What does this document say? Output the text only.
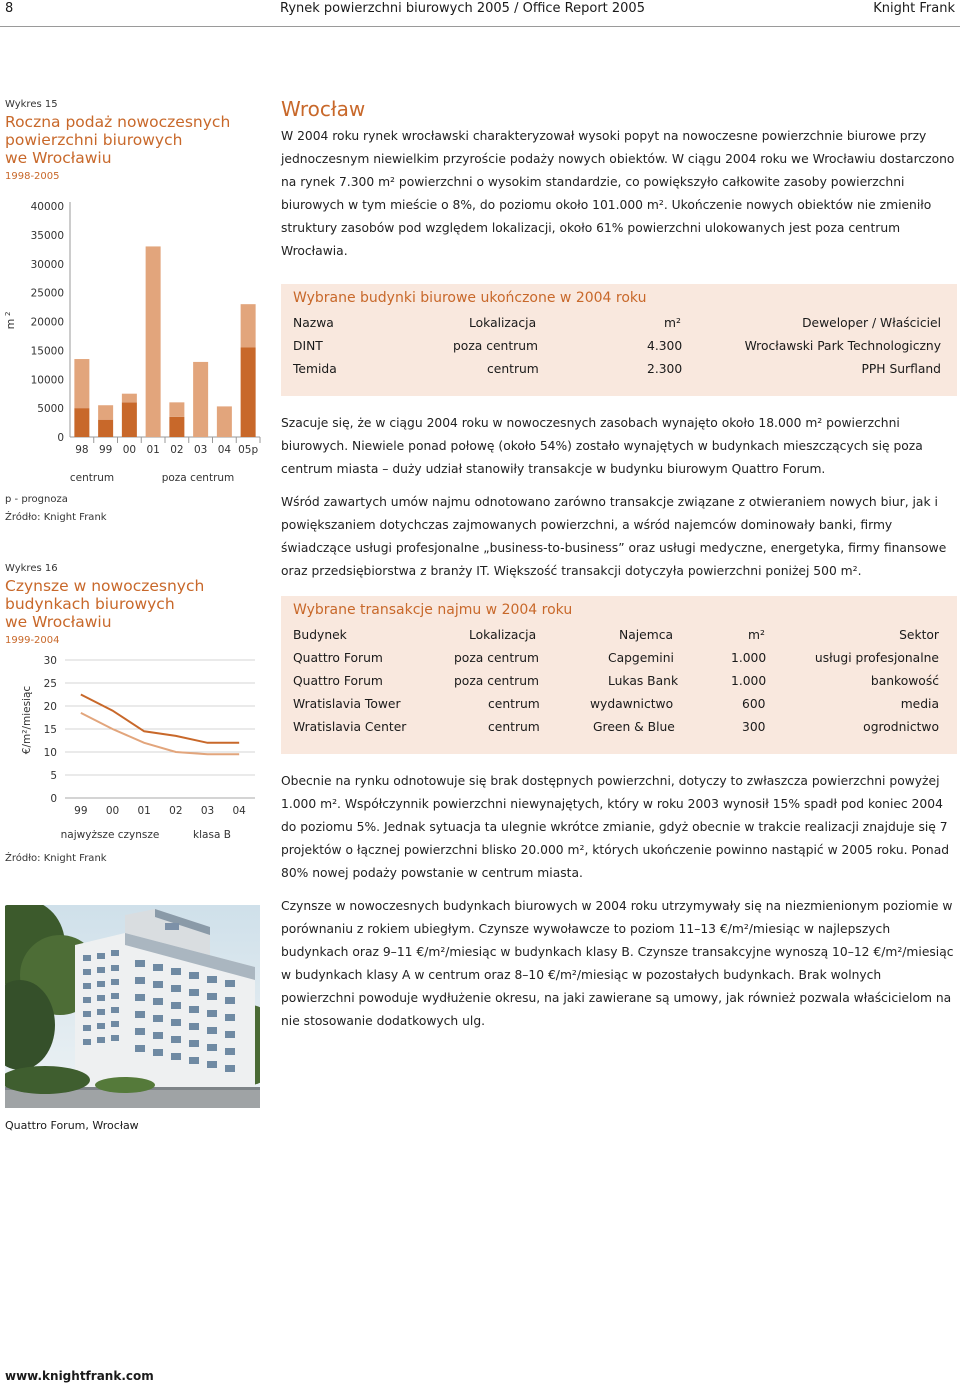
8	Rynek powierzchni biurowych 2005 / Office Report 2005	Knight Frank
Wykres 15
Roczna podaż nowoczesnych
powierzchni biurowych
we Wrocławiu
1998-2005
0
5000
10000
15000
20000
25000
30000
35000
40000
98 99 00 01 02 03 04 05p
m
2
centrum	poza centrum
p - prognoza
Źródło: Knight Frank
Wykres 16
Czynsze w nowoczesnych
budynkach biurowych
we Wrocławiu
1999-2004
0
5
10
15
20
25
30
99 00 01 02 03 04
€/m²/miesiąc
najwyższe czynsze	klasa B
Źródło: Knight Frank
Quattro Forum, Wrocław
Wrocław

W 2004 roku rynek wrocławski charakteryzował wysoki popyt na nowoczesne powierzchnie biurowe przy jednoczesnym niewielkim przyroście podaży nowych obiektów. W ciągu 2004 roku we Wrocławiu dostarczono na rynek 7.300 m² powierzchni o wysokim standardzie, co powiększyło całkowite zasoby powierzchni biurowych w tym mieście o 8%, do poziomu około 101.000 m². Ukończenie nowych obiektów nie zmieniło struktury zasobów pod względem lokalizacji, około 61% powierzchni ulokowanych jest poza centrum Wrocławia.

Wybrane budynki biurowe ukończone w 2004 roku
Nazwa	Lokalizacja	m²	Deweloper / Właściciel
DINT	poza centrum	4.300	Wrocławski Park Technologiczny
Temida	centrum	2.300	PPH Surfland

Szacuje się, że w ciągu 2004 roku w nowoczesnych zasobach wynajęto około 18.000 m² powierzchni biurowych. Niewiele ponad połowę (około 54%) zostało wynajętych w budynkach mieszczących się poza centrum miasta – duży udział stanowiły transakcje w budynku biurowym Quattro Forum.

Wśród zawartych umów najmu odnotowano zarówno transakcje związane z otwieraniem nowych biur, jak i powiększaniem dotychczas zajmowanych powierzchni, a wśród najemców dominowały banki, firmy świadczące usługi profesjonalne „business-to-business” oraz usługi medyczne, energetyka, firmy finansowe oraz przedsiębiorstwa z branży IT. Większość transakcji dotyczyła powierzchni poniżej 500 m².

Wybrane transakcje najmu w 2004 roku
Budynek	Lokalizacja	Najemca	m²	Sektor
Quattro Forum	poza centrum	Capgemini	1.000	usługi profesjonalne
Quattro Forum	poza centrum	Lukas Bank	1.000	bankowość
Wratislavia Tower	centrum	wydawnictwo	600	media
Wratislavia Center	centrum	Green & Blue	300	ogrodnictwo

Obecnie na rynku odnotowuje się brak dostępnych powierzchni, dotyczy to zwłaszcza powierzchni powyżej 1.000 m². Współczynnik powierzchni niewynajętych, który w roku 2003 wynosił 15% spadł pod koniec 2004 do poziomu 5%. Jednak sytuacja ta ulegnie wkrótce zmianie, gdyż obecnie w trakcie realizacji znajduje się 7 projektów o łącznej powierzchni blisko 20.000 m², których ukończenie powinno nastąpić w 2005 roku. Ponad 80% nowej podaży powstanie w centrum miasta.

Czynsze w nowoczesnych budynkach biurowych w 2004 roku utrzymywały się na niezmienionym poziomie w porównaniu z rokiem ubiegłym. Czynsze wywoławcze to poziom 11–13 €/m²/miesiąc w najlepszych budynkach oraz 9–11 €/m²/miesiąc w budynkach klasy B. Czynsze transakcyjne wynoszą 10–12 €/m²/miesiąc w budynkach klasy A w centrum oraz 8–10 €/m²/miesiąc w pozostałych budynkach. Brak wolnych powierzchni powoduje wydłużenie okresu, na jaki zawierane są umowy, jak również pozwala właścicielom na nie stosowanie dodatkowych ulg.

www.knightfrank.com
